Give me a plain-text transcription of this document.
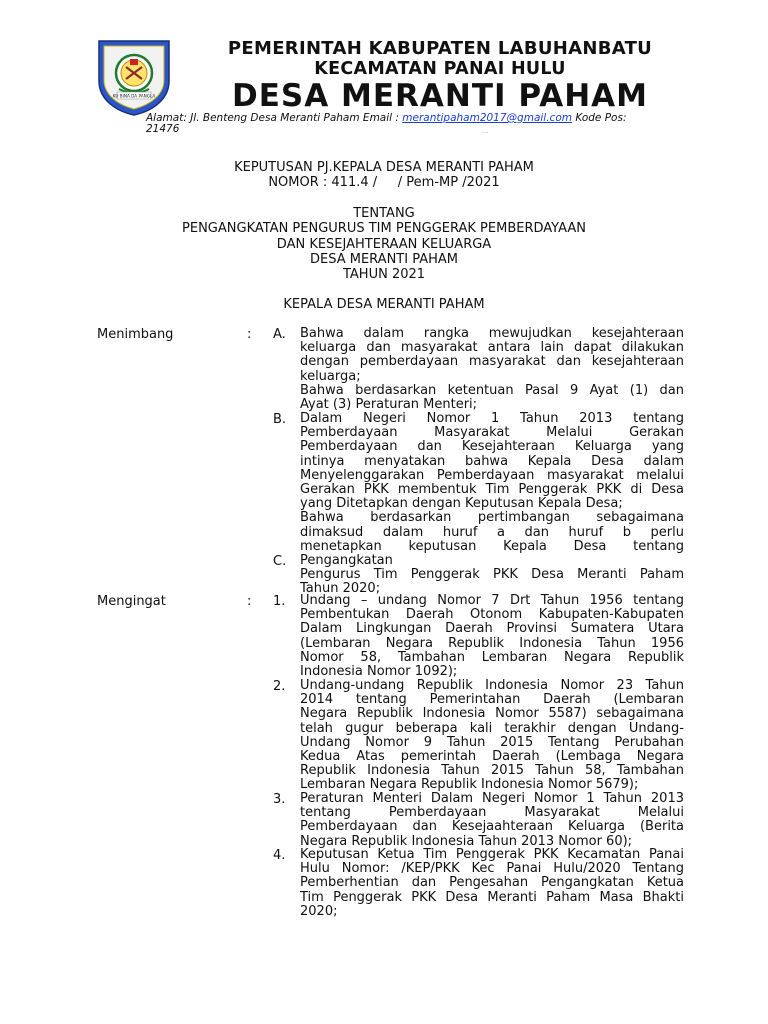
KU BINA DA PANGLA
PEMERINTAH KABUPATEN LABUHANBATU
KECAMATAN PANAI HULU
DESA MERANTI PAHAM
Alamat: Jl. Benteng Desa Meranti Paham Email : merantipaham2017@gmail.com Kode Pos:
21476	·····
KEPUTUSAN PJ.KEPALA DESA MERANTI PAHAM
NOMOR : 411.4 /     / Pem-MP /2021
TENTANG
PENGANGKATAN PENGURUS TIM PENGGERAK PEMBERDAYAAN
DAN KESEJAHTERAAN KELUARGA
DESA MERANTI PAHAM
TAHUN 2021
KEPALA DESA MERANTI PAHAM
Menimbang	: A. Bahwa dalam rangka mewujudkan kesejahteraan
keluarga dan masyarakat antara lain dapat dilakukan
dengan pemberdayaan masyarakat dan kesejahteraan
keluarga;
Bahwa berdasarkan ketentuan Pasal 9 Ayat (1) dan
Ayat (3) Peraturan Menteri;
B. Dalam Negeri Nomor 1 Tahun 2013 tentang
Pemberdayaan Masyarakat Melalui Gerakan
Pemberdayaan dan Kesejahteraan Keluarga yang
intinya menyatakan bahwa Kepala Desa dalam
Menyelenggarakan Pemberdayaan masyarakat melalui
Gerakan PKK membentuk Tim Penggerak PKK di Desa
yang Ditetapkan dengan Keputusan Kepala Desa;
Bahwa berdasarkan pertimbangan sebagaimana
dimaksud dalam huruf a dan huruf b perlu
menetapkan keputusan Kepala Desa tentang
C. Pengangkatan
Pengurus Tim Penggerak PKK Desa Meranti Paham
Tahun 2020;
Mengingat	: 1. Undang – undang Nomor 7 Drt Tahun 1956 tentang
Pembentukan Daerah Otonom Kabupaten-Kabupaten
Dalam Lingkungan Daerah Provinsi Sumatera Utara
(Lembaran Negara Republik Indonesia Tahun 1956
Nomor 58, Tambahan Lembaran Negara Republik
Indonesia Nomor 1092);
2. Undang-undang Republik Indonesia Nomor 23 Tahun
2014 tentang Pemerintahan Daerah (Lembaran
Negara Republik Indonesia Nomor 5587) sebagaimana
telah gugur beberapa kali terakhir dengan Undang-
Undang Nomor 9 Tahun 2015 Tentang Perubahan
Kedua Atas pemerintah Daerah (Lembaga Negara
Republik Indonesia Tahun 2015 Tahun 58, Tambahan
Lembaran Negara Republik Indonesia Nomor 5679);
3. Peraturan Menteri Dalam Negeri Nomor 1 Tahun 2013
tentang Pemberdayaan Masyarakat Melalui
Pemberdayaan dan Kesejaahteraan Keluarga (Berita
Negara Republik Indonesia Tahun 2013 Nomor 60);
4. Keputusan Ketua Tim Penggerak PKK Kecamatan Panai
Hulu Nomor: /KEP/PKK Kec Panai Hulu/2020 Tentang
Pemberhentian dan Pengesahan Pengangkatan Ketua
Tim Penggerak PKK Desa Meranti Paham Masa Bhakti
2020;
